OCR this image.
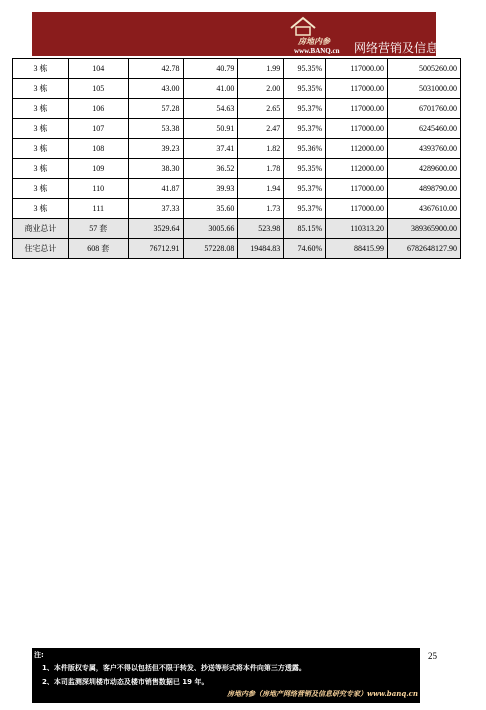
房地内参
www.BANQ.cn 网络营销及信息研究专家
3 栋	104	42.78	40.79	1.99	95.35%	117000.00	5005260.00
3 栋	105	43.00	41.00	2.00	95.35%	117000.00	5031000.00
3 栋	106	57.28	54.63	2.65	95.37%	117000.00	6701760.00
3 栋	107	53.38	50.91	2.47	95.37%	117000.00	6245460.00
3 栋	108	39.23	37.41	1.82	95.36%	112000.00	4393760.00
3 栋	109	38.30	36.52	1.78	95.35%	112000.00	4289600.00
3 栋	110	41.87	39.93	1.94	95.37%	117000.00	4898790.00
3 栋	111	37.33	35.60	1.73	95.37%	117000.00	4367610.00
商业总计	57 套	3529.64	3005.66	523.98	85.15%	110313.20	389365900.00
住宅总计	608 套	76712.91	57228.08	19484.83	74.60%	88415.99	6782648127.90
25
注:
1、本件版权专属，客户不得以包括但不限于转发、抄送等形式将本件向第三方透露。
2、本司监测深圳楼市动态及楼市销售数据已 19 年。
房地内参（房地产网络营销及信息研究专家）www.banq.cn
